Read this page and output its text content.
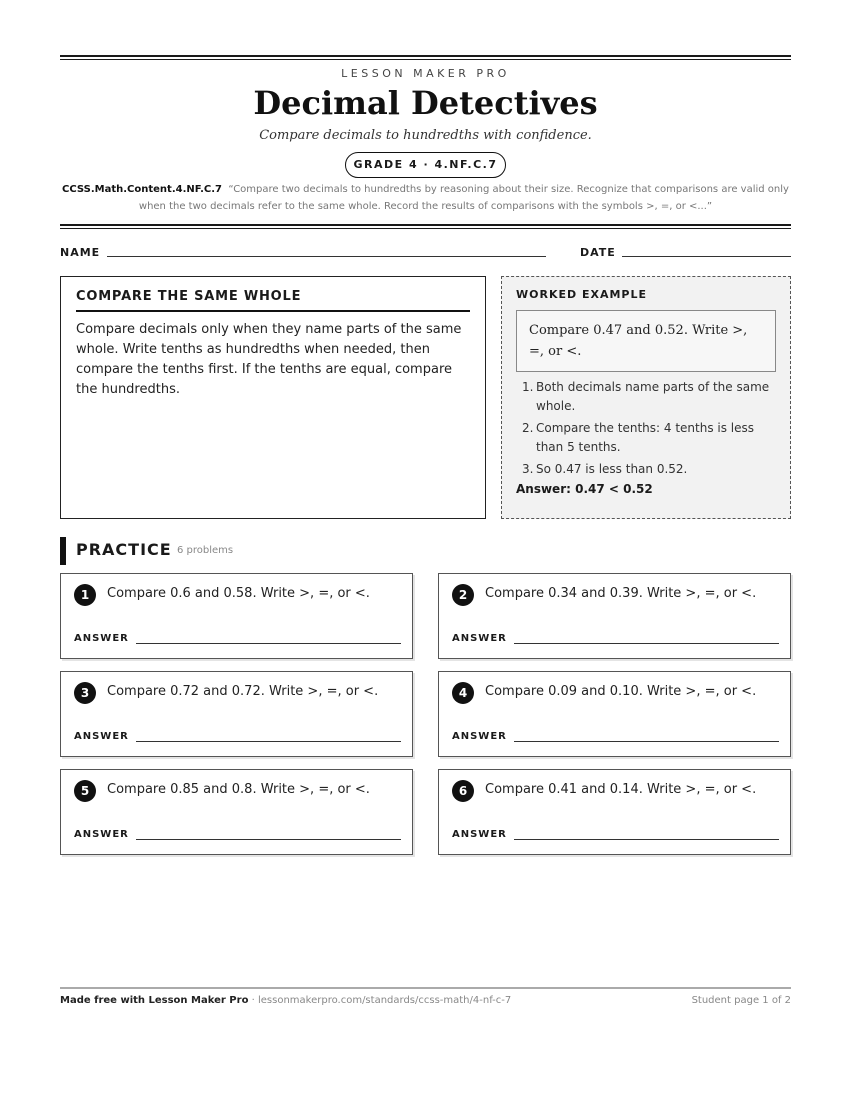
LESSON MAKER PRO
Decimal Detectives
Compare decimals to hundredths with confidence.
GRADE 4 · 4.NF.C.7
CCSS.Math.Content.4.NF.C.7 “Compare two decimals to hundredths by reasoning about their size. Recognize that comparisons are valid only when the two decimals refer to the same whole. Record the results of comparisons with the symbols >, =, or <...”
NAME	DATE
COMPARE THE SAME WHOLE
Compare decimals only when they name parts of the same whole. Write tenths as hundredths when needed, then compare the tenths first. If the tenths are equal, compare the hundredths.
WORKED EXAMPLE
Compare 0.47 and 0.52. Write >, =, or <.
1. Both decimals name parts of the same whole.
2. Compare the tenths: 4 tenths is less than 5 tenths.
3. So 0.47 is less than 0.52.
Answer: 0.47 < 0.52
PRACTICE 6 problems
1	Compare 0.6 and 0.58. Write >, =, or <.
ANSWER
2	Compare 0.34 and 0.39. Write >, =, or <.
ANSWER
3	Compare 0.72 and 0.72. Write >, =, or <.
ANSWER
4	Compare 0.09 and 0.10. Write >, =, or <.
ANSWER
5	Compare 0.85 and 0.8. Write >, =, or <.
ANSWER
6	Compare 0.41 and 0.14. Write >, =, or <.
ANSWER
Made free with Lesson Maker Pro · lessonmakerpro.com/standards/ccss-math/4-nf-c-7	Student page 1 of 2
